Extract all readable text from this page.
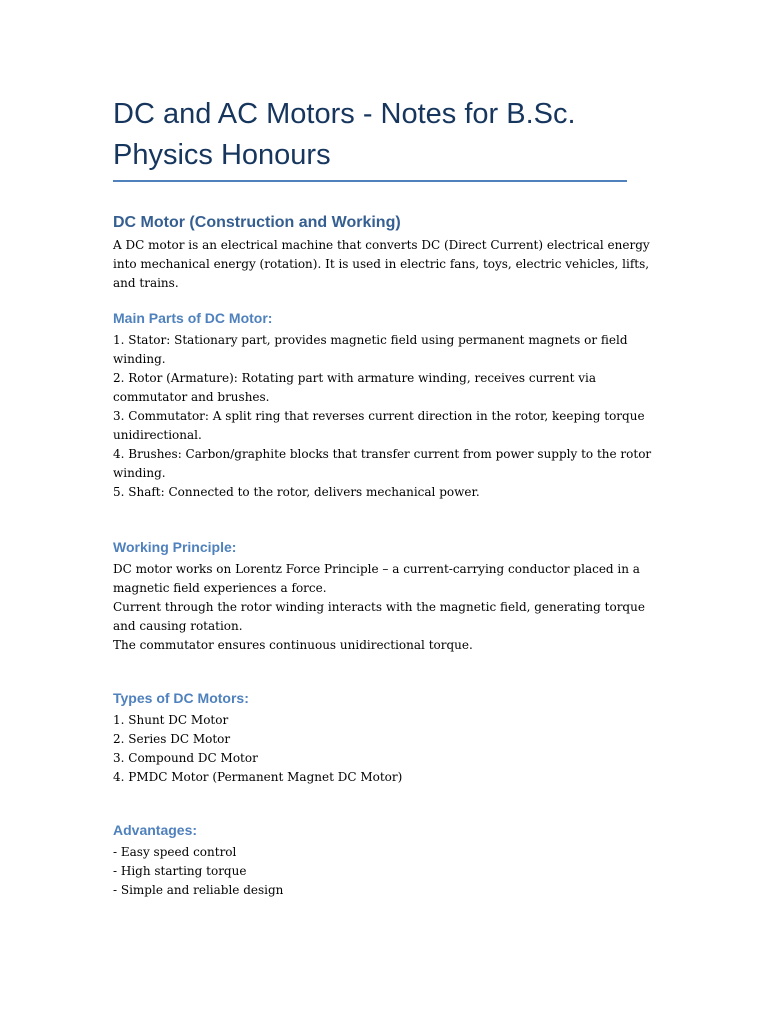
DC and AC Motors - Notes for B.Sc. Physics Honours
DC Motor (Construction and Working)

A DC motor is an electrical machine that converts DC (Direct Current) electrical energy into mechanical energy (rotation). It is used in electric fans, toys, electric vehicles, lifts, and trains.

Main Parts of DC Motor:

1. Stator: Stationary part, provides magnetic field using permanent magnets or field winding.

2. Rotor (Armature): Rotating part with armature winding, receives current via commutator and brushes.

3. Commutator: A split ring that reverses current direction in the rotor, keeping torque unidirectional.

4. Brushes: Carbon/graphite blocks that transfer current from power supply to the rotor winding.

5. Shaft: Connected to the rotor, delivers mechanical power.

Working Principle:

DC motor works on Lorentz Force Principle – a current-carrying conductor placed in a magnetic field experiences a force.

Current through the rotor winding interacts with the magnetic field, generating torque and causing rotation.

The commutator ensures continuous unidirectional torque.

Types of DC Motors:

1. Shunt DC Motor

2. Series DC Motor

3. Compound DC Motor

4. PMDC Motor (Permanent Magnet DC Motor)

Advantages:

- Easy speed control

- High starting torque

- Simple and reliable design
